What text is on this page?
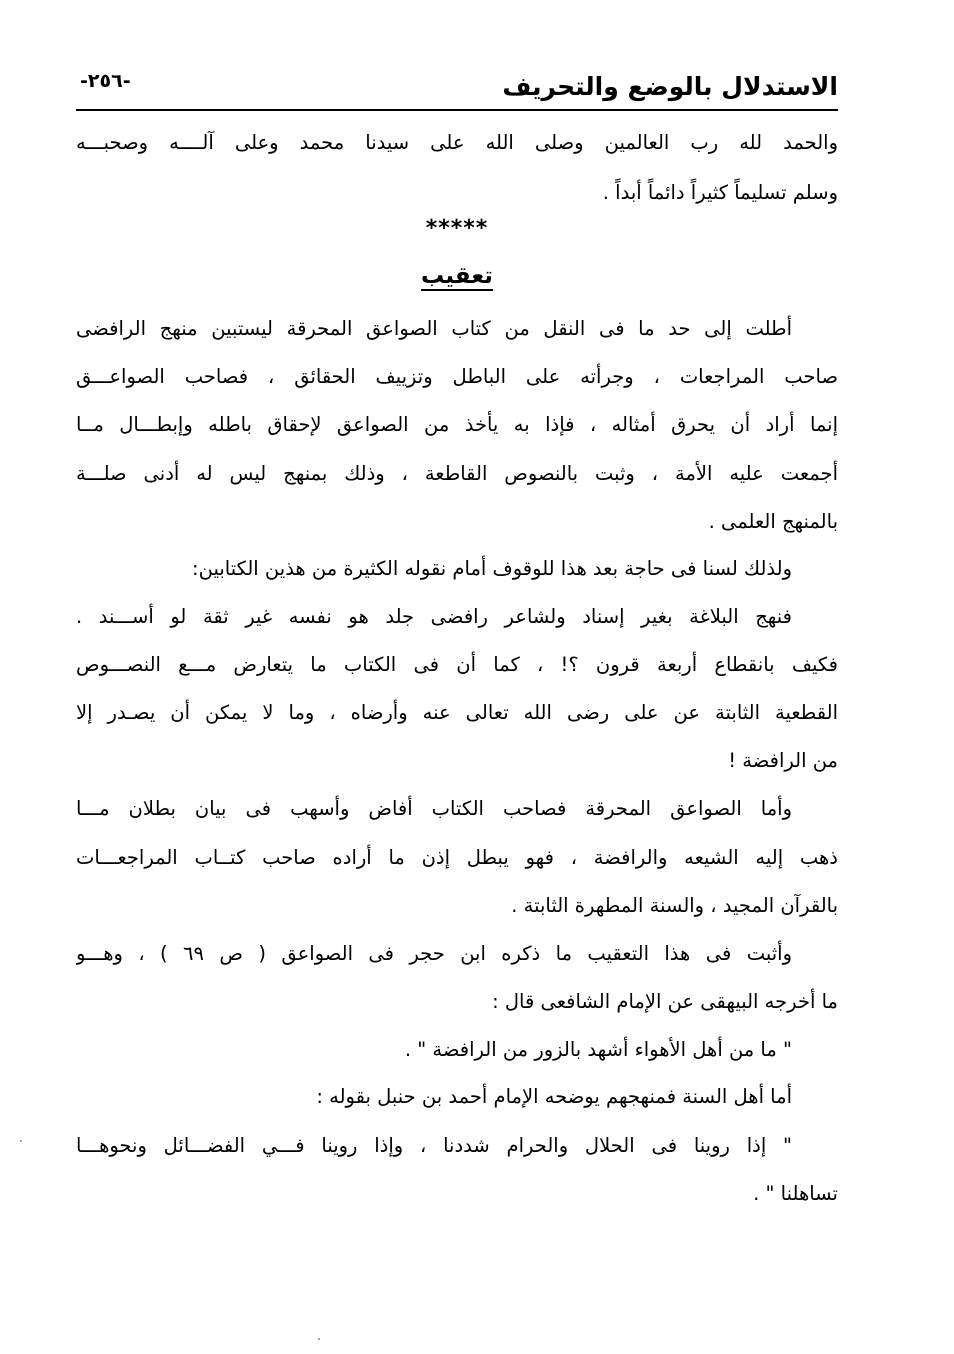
الاستدلال بالوضع والتحريف
-٢٥٦-
والحمد لله رب العالمين وصلى الله على سيدنا محمد وعلى آلــــه وصحبـــه
وسلم تسليماً كثيراً دائماً أبداً .
*****
تعقيب
أطلت إلى حد ما فى النقل من كتاب الصواعق المحرقة ليستبين منهج الرافضى
صاحب المراجعات ، وجرأته على الباطل وتزييف الحقائق ، فصاحب الصواعـــق
إنما أراد أن يحرق أمثاله ، فإذا به يأخذ من الصواعق لإحقاق باطله وإبطـــال مــا
أجمعت عليه الأمة ، وثبت بالنصوص القاطعة ، وذلك بمنهج ليس له أدنى صلـــة
بالمنهج العلمى .
ولذلك لسنا فى حاجة بعد هذا للوقوف أمام نقوله الكثيرة من هذين الكتابين:
فنهج البلاغة بغير إسناد ولشاعر رافضى جلد هو نفسه غير ثقة لو أســـند .
فكيف بانقطاع أربعة قرون ؟! ، كما أن فى الكتاب ما يتعارض مـــع النصـــوص
القطعية الثابتة عن على رضى الله تعالى عنه وأرضاه ، وما لا يمكن أن يصـدر إلا
من الرافضة !
وأما الصواعق المحرقة فصاحب الكتاب أفاض وأسهب فى بيان بطلان مـــا
ذهب إليه الشيعه والرافضة ، فهو يبطل إذن ما أراده صاحب كتــاب المراجعـــات
بالقرآن المجيد ، والسنة المطهرة الثابتة .
وأثبت فى هذا التعقيب ما ذكره ابن حجر فى الصواعق ( ص ٦٩ ) ، وهـــو
ما أخرجه البيهقى عن الإمام الشافعى قال :
" ما من أهل الأهواء أشهد بالزور من الرافضة " .
أما أهل السنة فمنهجهم يوضحه الإمام أحمد بن حنبل بقوله :
" إذا روينا فى الحلال والحرام شددنا ، وإذا روينا فـــي الفضـــائل ونحوهـــا
تساهلنا " .
